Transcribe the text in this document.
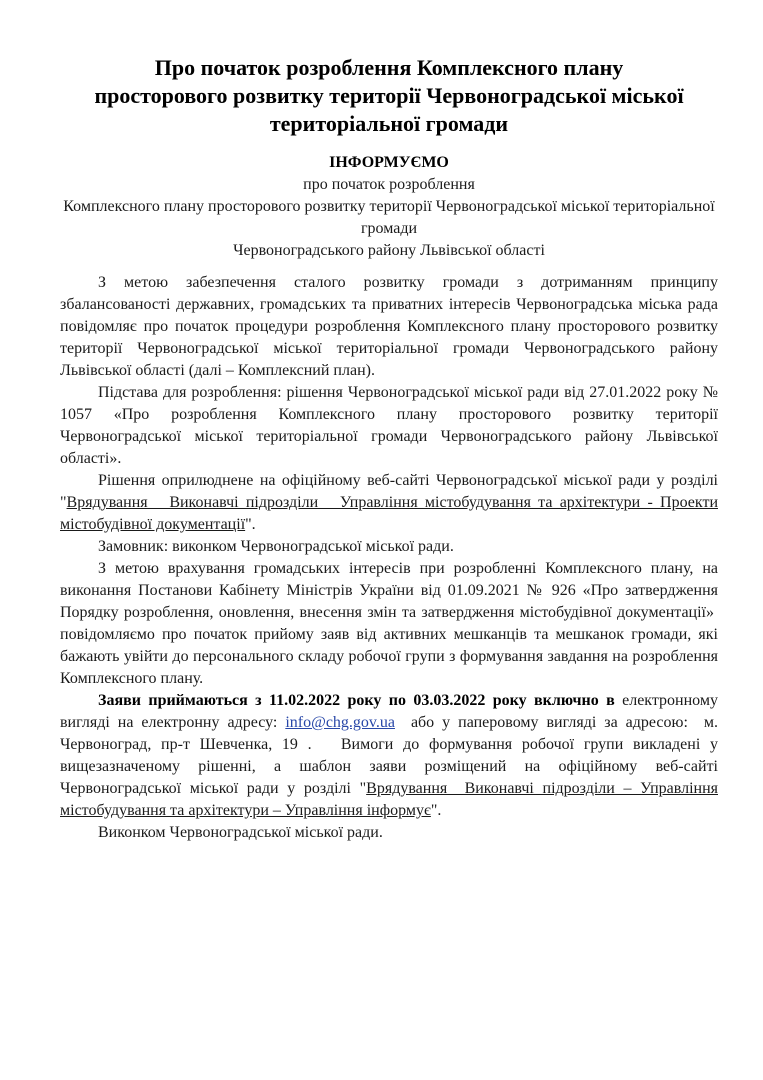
Про початок розроблення Комплексного плану просторового розвитку території Червоноградської міської територіальної громади

ІНФОРМУЄМО

про початок розроблення

Комплексного плану просторового розвитку території Червоноградської міської територіальної громади

Червоноградського району Львівської області

З метою забезпечення сталого розвитку громади з дотриманням принципу збалансованості державних, громадських та приватних інтересів Червоноградська міська рада повідомляє про початок процедури розроблення Комплексного плану просторового розвитку території Червоноградської міської територіальної громади Червоноградського району Львівської області (далі – Комплексний план).

Підстава для розроблення: рішення Червоноградської міської ради від 27.01.2022 року № 1057 «Про розроблення Комплексного плану просторового розвитку території Червоноградської міської територіальної громади Червоноградського району Львівської області».

Рішення оприлюднене на офіційному веб-сайті Червоноградської міської ради у розділі "Врядування   Виконавчі підрозділи   Управління містобудування та архітектури - Проекти містобудівної документації".

Замовник: виконком Червоноградської міської ради.

З метою врахування громадських інтересів при розробленні Комплексного плану, на виконання Постанови Кабінету Міністрів України від 01.09.2021 № 926 «Про затвердження Порядку розроблення, оновлення, внесення змін та затвердження містобудівної документації»  повідомляємо про початок прийому заяв від активних мешканців та мешканок громади, які бажають увійти до персонального складу робочої групи з формування завдання на розроблення Комплексного плану.

Заяви приймаються з 11.02.2022 року по 03.03.2022 року включно в електронному вигляді на електронну адресу: info@chg.gov.ua  або у паперовому вигляді за адресою:  м. Червоноград, пр-т Шевченка, 19 .   Вимоги до формування робочої групи викладені у вищезазначеному рішенні, а шаблон заяви розміщений на офіційному веб-сайті Червоноградської міської ради у розділі "Врядування  Виконавчі підрозділи – Управління містобудування та архітектури – Управління інформує".

Виконком Червоноградської міської ради.
